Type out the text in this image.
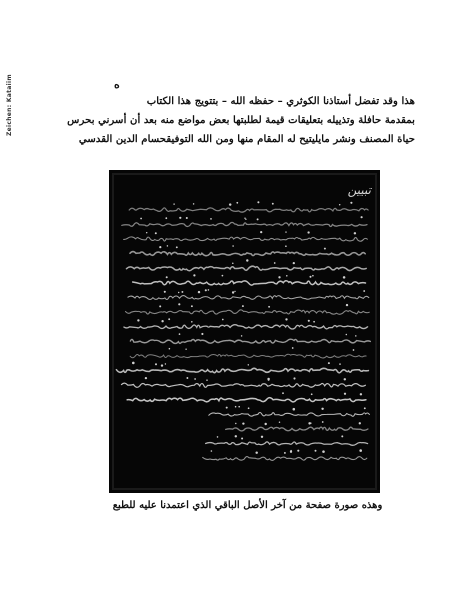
Zeichen: Kataiim	ه
هذا وقد تفضل أستاذنا الكوثري – حفظه الله – بتتويج هذا الكتاب
بمقدمة حافلة وتذييله بتعليقات قيمة لطلبتها بعض مواضع منه بعد أن أسرني بحرس
حياة المصنف ونشر مايليتيح له المقام منها ومن الله التوفيقحسام الدين القدسي
تبيين
وهذه صورة صفحة من آخر الأصل الباقي الذي اعتمدنا عليه للطبع
